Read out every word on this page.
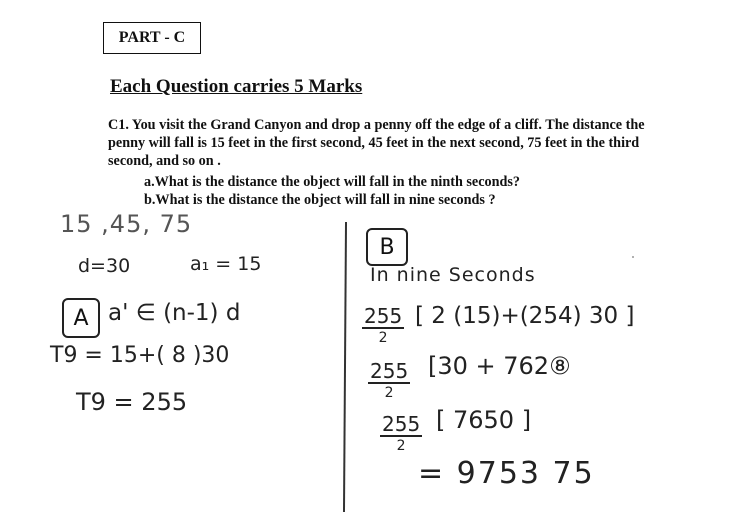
PART - C
Each Question carries 5 Marks
C1. You visit the Grand Canyon and drop a penny off the edge of a cliff. The distance the
penny will fall is 15 feet in the first second, 45 feet in the next second, 75 feet in the third
second, and so on .
a.What is the distance the object will fall in the ninth seconds?
b.What is the distance the object will fall in nine seconds ?
15 ,45, 75
d=30	a₁ = 15
A a' ∈ (n-1) d
T9 = 15+( 8 )30
T9 = 255
B
In nine Seconds
255
2
[ 2 (15)+(254) 30 ]
255
2
[30 + 762⑧
255
2
[ 7650 ]
= 9753 75
